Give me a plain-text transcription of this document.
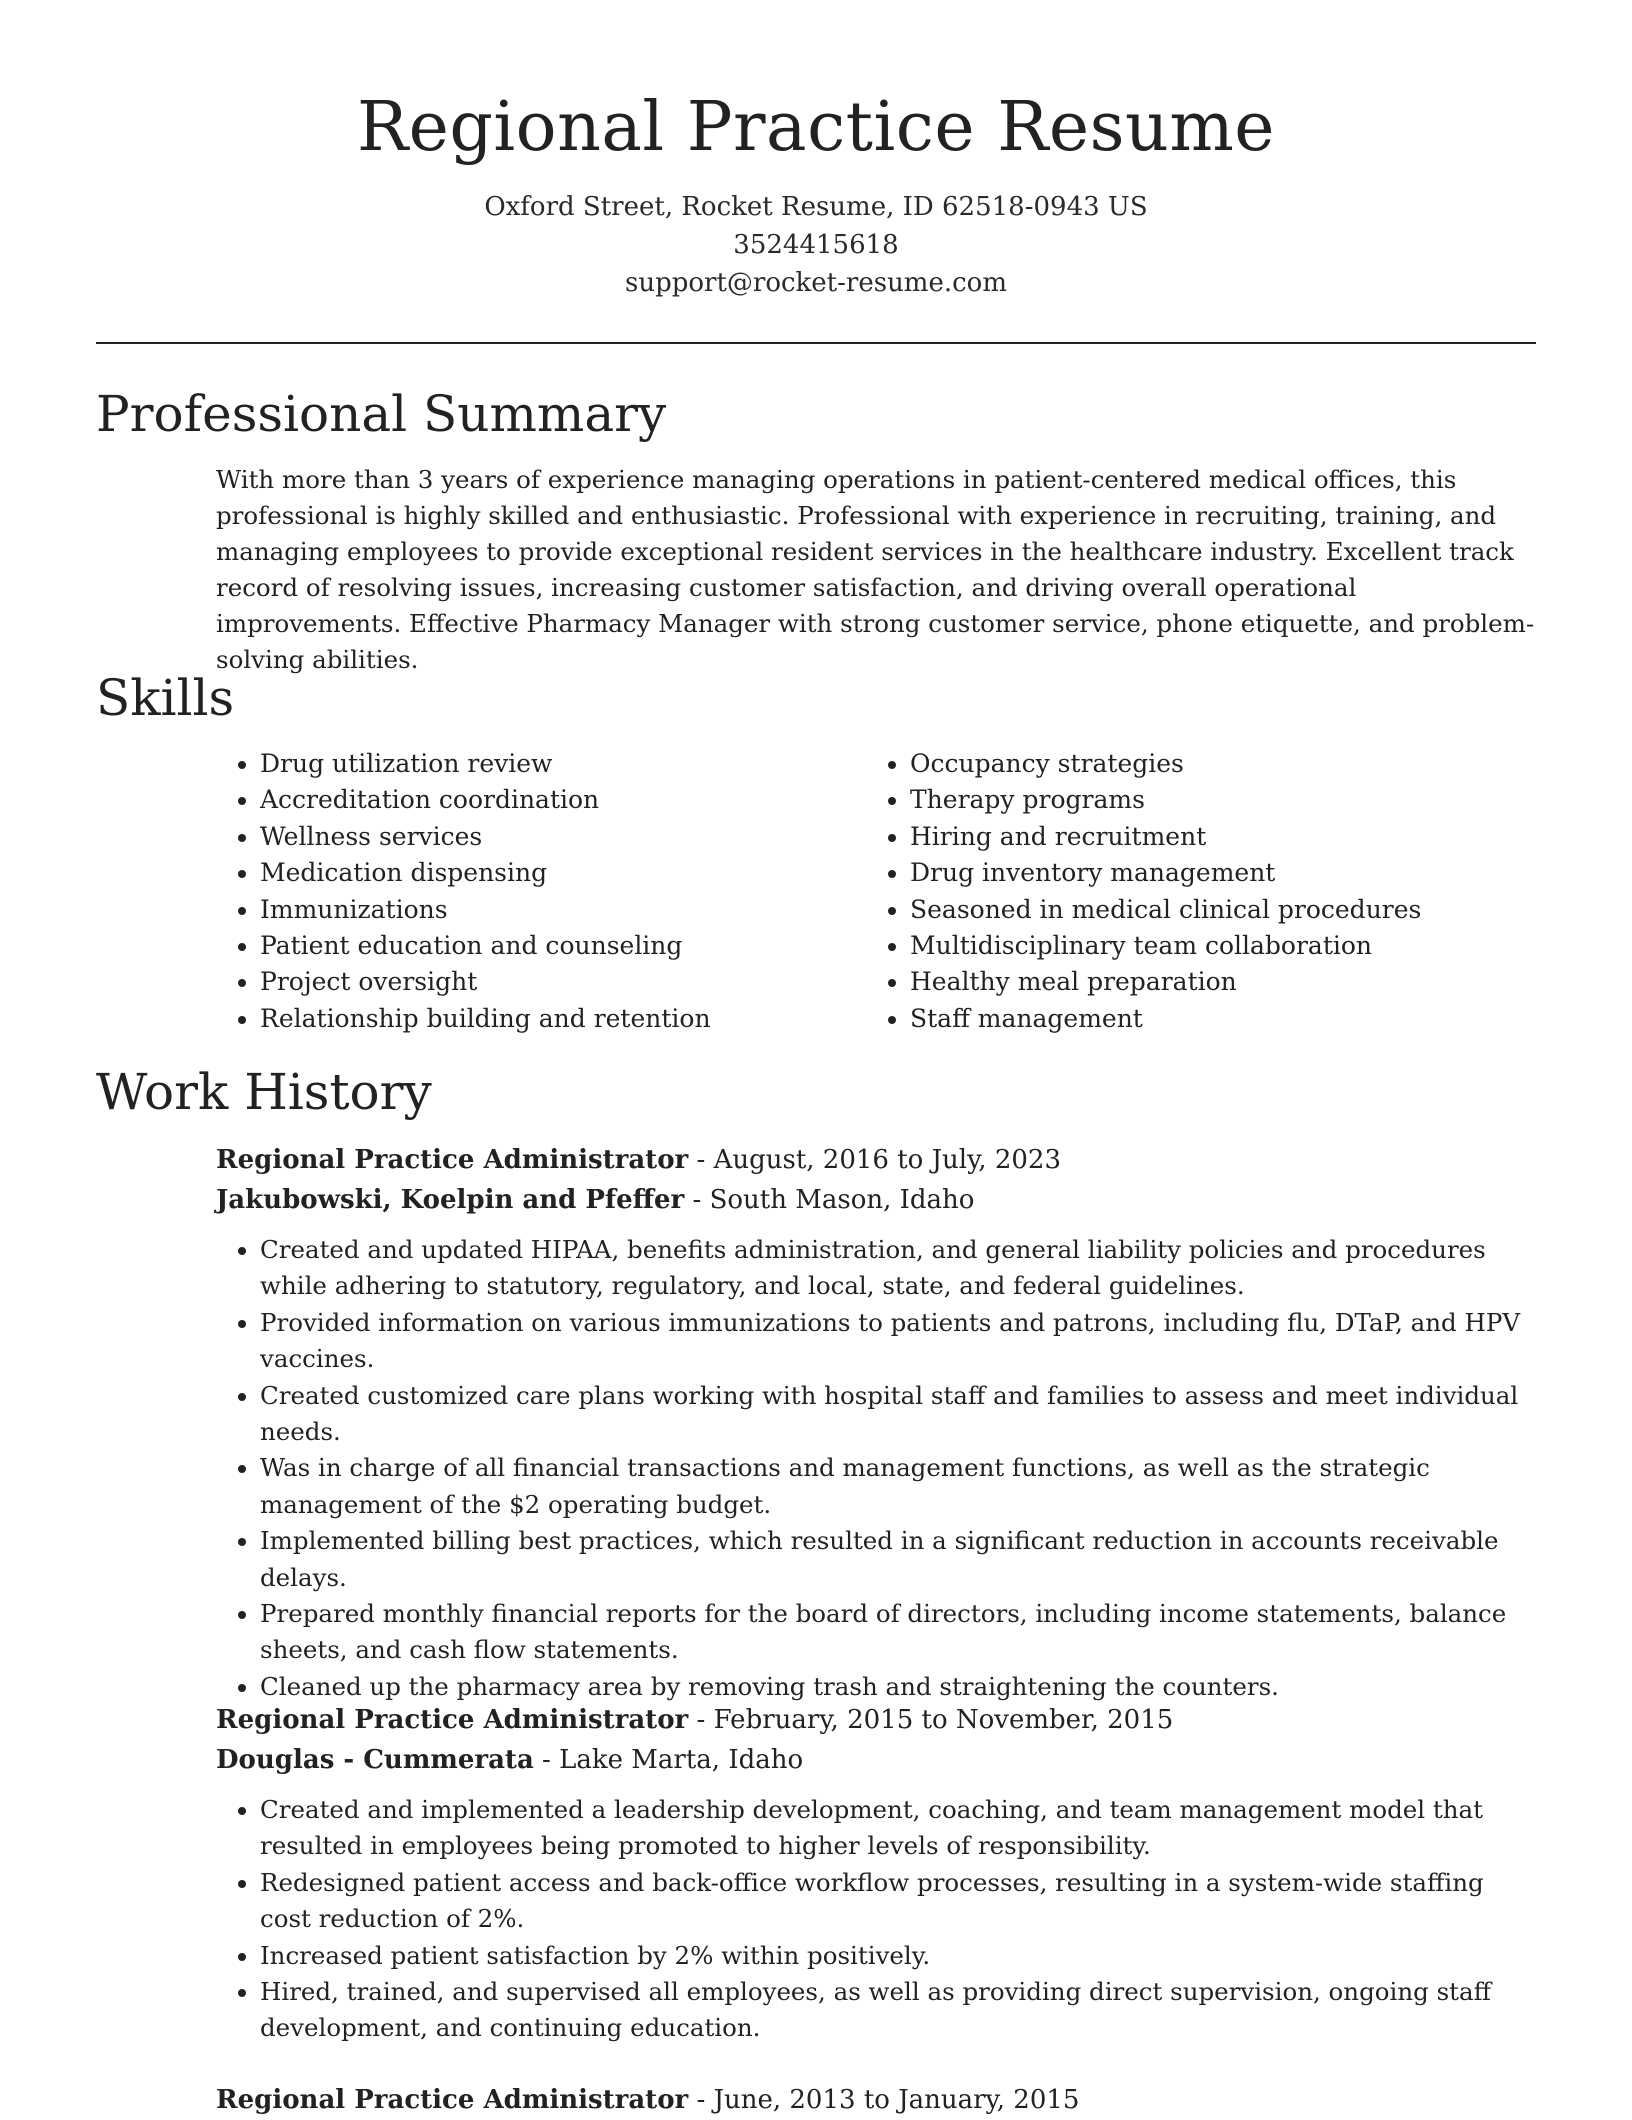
Regional Practice Resume
Oxford Street, Rocket Resume, ID 62518-0943 US
3524415618
support@rocket-resume.com
Professional Summary
With more than 3 years of experience managing operations in patient-centered medical offices, this professional is highly skilled and enthusiastic. Professional with experience in recruiting, training, and managing employees to provide exceptional resident services in the healthcare industry. Excellent track record of resolving issues, increasing customer satisfaction, and driving overall operational improvements. Effective Pharmacy Manager with strong customer service, phone etiquette, and problem-solving abilities.
Skills
• Drug utilization review
• Accreditation coordination
• Wellness services
• Medication dispensing
• Immunizations
• Patient education and counseling
• Project oversight
• Relationship building and retention
• Occupancy strategies
• Therapy programs
• Hiring and recruitment
• Drug inventory management
• Seasoned in medical clinical procedures
• Multidisciplinary team collaboration
• Healthy meal preparation
• Staff management
Work History
Regional Practice Administrator - August, 2016 to July, 2023
Jakubowski, Koelpin and Pfeffer - South Mason, Idaho
• Created and updated HIPAA, benefits administration, and general liability policies and procedures while adhering to statutory, regulatory, and local, state, and federal guidelines.
• Provided information on various immunizations to patients and patrons, including flu, DTaP, and HPV vaccines.
• Created customized care plans working with hospital staff and families to assess and meet individual needs.
• Was in charge of all financial transactions and management functions, as well as the strategic management of the $2 operating budget.
• Implemented billing best practices, which resulted in a significant reduction in accounts receivable delays.
• Prepared monthly financial reports for the board of directors, including income statements, balance sheets, and cash flow statements.
• Cleaned up the pharmacy area by removing trash and straightening the counters.
Regional Practice Administrator - February, 2015 to November, 2015
Douglas - Cummerata - Lake Marta, Idaho
• Created and implemented a leadership development, coaching, and team management model that resulted in employees being promoted to higher levels of responsibility.
• Redesigned patient access and back-office workflow processes, resulting in a system-wide staffing cost reduction of 2%.
• Increased patient satisfaction by 2% within positively.
• Hired, trained, and supervised all employees, as well as providing direct supervision, ongoing staff development, and continuing education.
Regional Practice Administrator - June, 2013 to January, 2015
